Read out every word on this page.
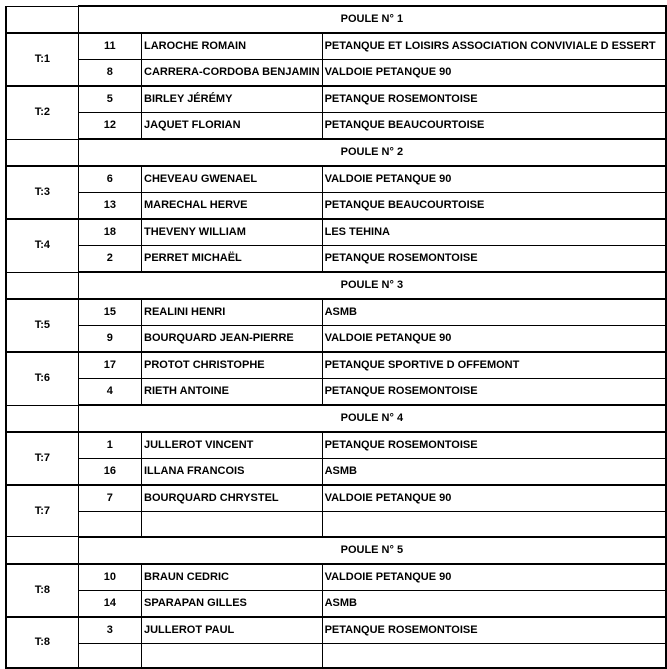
	POULE N° 1		
T:1	11	LAROCHE ROMAIN	PETANQUE ET LOISIRS ASSOCIATION CONVIVIALE D ESSERT
	8	CARRERA-CORDOBA BENJAMIN	VALDOIE PETANQUE 90
T:2	5	BIRLEY JÉRÉMY	PETANQUE ROSEMONTOISE
	12	JAQUET FLORIAN	PETANQUE BEAUCOURTOISE
	POULE N° 2		
T:3	6	CHEVEAU GWENAEL	VALDOIE PETANQUE 90
	13	MARECHAL HERVE	PETANQUE BEAUCOURTOISE
T:4	18	THEVENY WILLIAM	LES TEHINA
	2	PERRET MICHAËL	PETANQUE ROSEMONTOISE
	POULE N° 3		
T:5	15	REALINI HENRI	ASMB
	9	BOURQUARD JEAN-PIERRE	VALDOIE PETANQUE 90
T:6	17	PROTOT CHRISTOPHE	PETANQUE SPORTIVE D OFFEMONT
	4	RIETH ANTOINE	PETANQUE ROSEMONTOISE
	POULE N° 4		
T:7	1	JULLEROT VINCENT	PETANQUE ROSEMONTOISE
	16	ILLANA FRANCOIS	ASMB
T:7	7	BOURQUARD CHRYSTEL	VALDOIE PETANQUE 90

	POULE N° 5		
T:8	10	BRAUN CEDRIC	VALDOIE PETANQUE 90
	14	SPARAPAN GILLES	ASMB
T:8	3	JULLEROT PAUL	PETANQUE ROSEMONTOISE
